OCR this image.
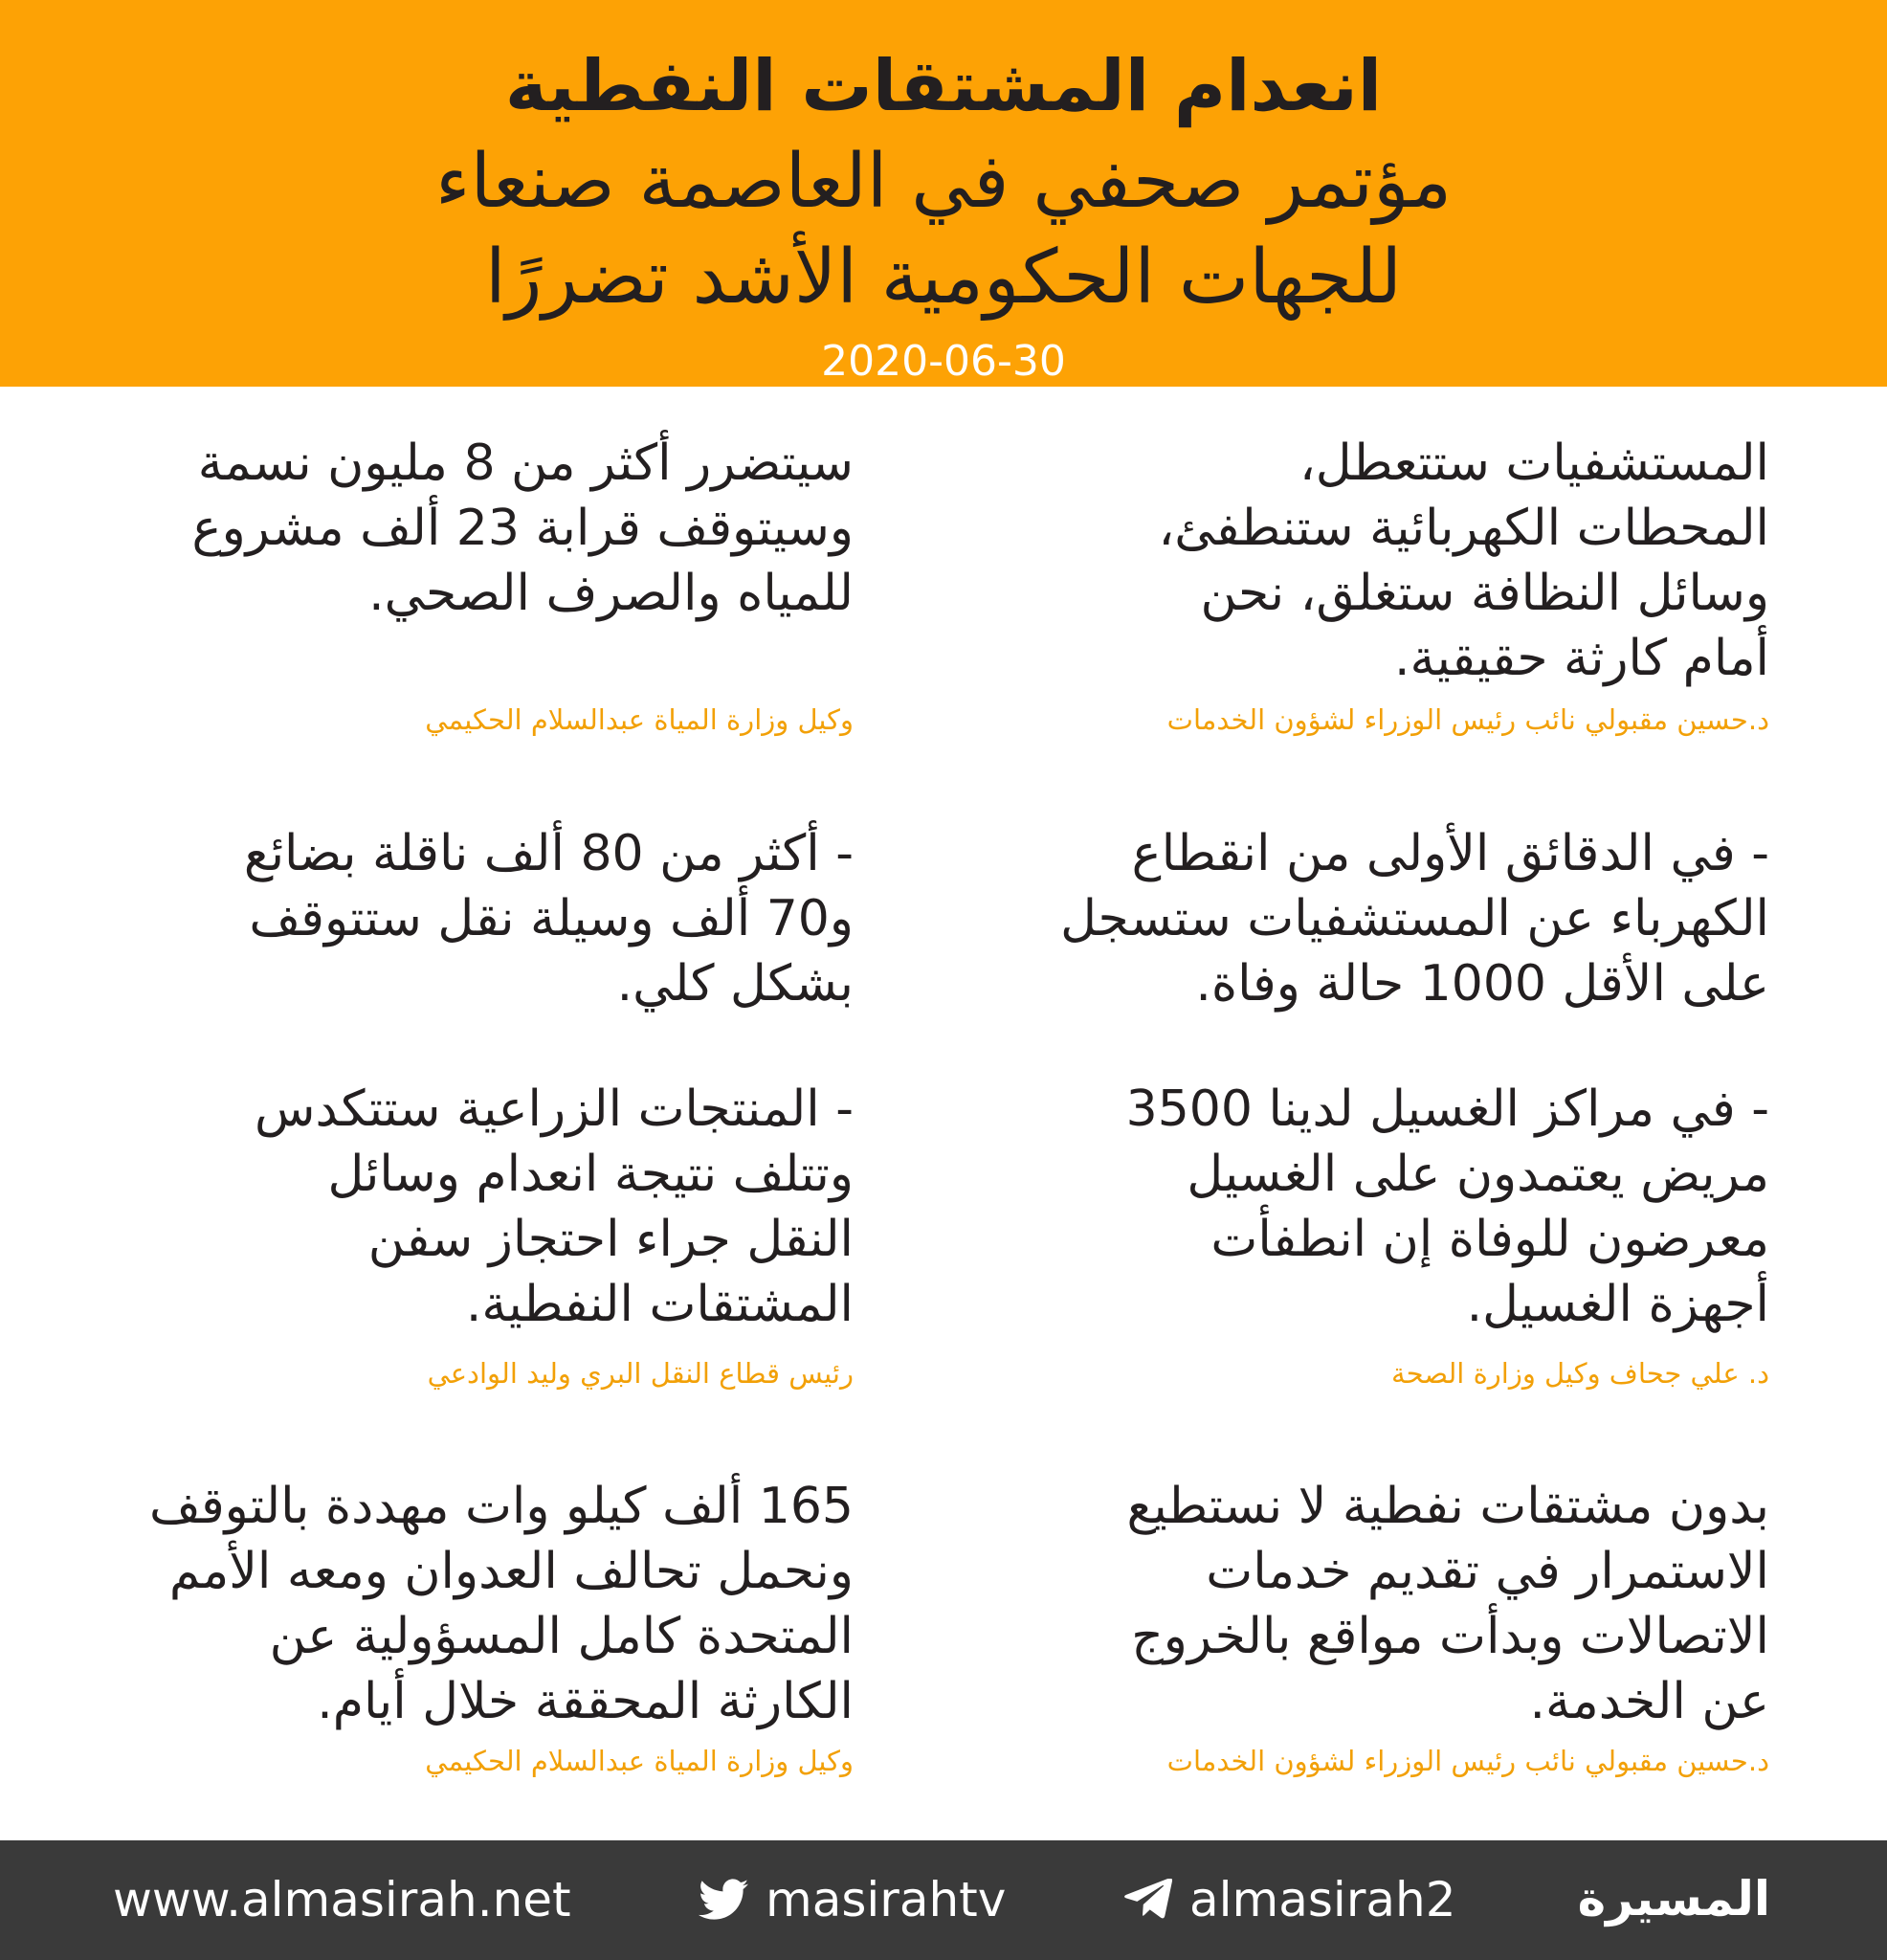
انعدام المشتقات النفطية
مؤتمر صحفي في العاصمة صنعاء
للجهات الحكومية الأشد تضررًا
2020-06-30

المستشفيات ستتعطل،
المحطات الكهربائية ستنطفئ،
وسائل النظافة ستغلق، نحن
أمام كارثة حقيقية.

د.حسين مقبولي نائب رئيس الوزراء لشؤون الخدمات

سيتضرر أكثر من 8 مليون نسمة
وسيتوقف قرابة 23 ألف مشروع
للمياه والصرف الصحي.

وكيل وزارة المياة عبدالسلام الحكيمي

- في الدقائق الأولى من انقطاع
الكهرباء عن المستشفيات ستسجل
على الأقل 1000 حالة وفاة.

- أكثر من 80 ألف ناقلة بضائع
و70 ألف وسيلة نقل ستتوقف
بشكل كلي.

- في مراكز الغسيل لدينا 3500
مريض يعتمدون على الغسيل
معرضون للوفاة إن انطفأت
أجهزة الغسيل.

د. علي جحاف وكيل وزارة الصحة

- المنتجات الزراعية ستتكدس
وتتلف نتيجة انعدام وسائل
النقل جراء احتجاز سفن
المشتقات النفطية.

رئيس قطاع النقل البري وليد الوادعي

بدون مشتقات نفطية لا نستطيع
الاستمرار في تقديم خدمات
الاتصالات وبدأت مواقع بالخروج
عن الخدمة.

د.حسين مقبولي نائب رئيس الوزراء لشؤون الخدمات

165 ألف كيلو وات مهددة بالتوقف
ونحمل تحالف العدوان ومعه الأمم
المتحدة كامل المسؤولية عن
الكارثة المحققة خلال أيام.

وكيل وزارة المياة عبدالسلام الحكيمي

www.almasirah.net	masirahtv	almasirah2	المسيرة
